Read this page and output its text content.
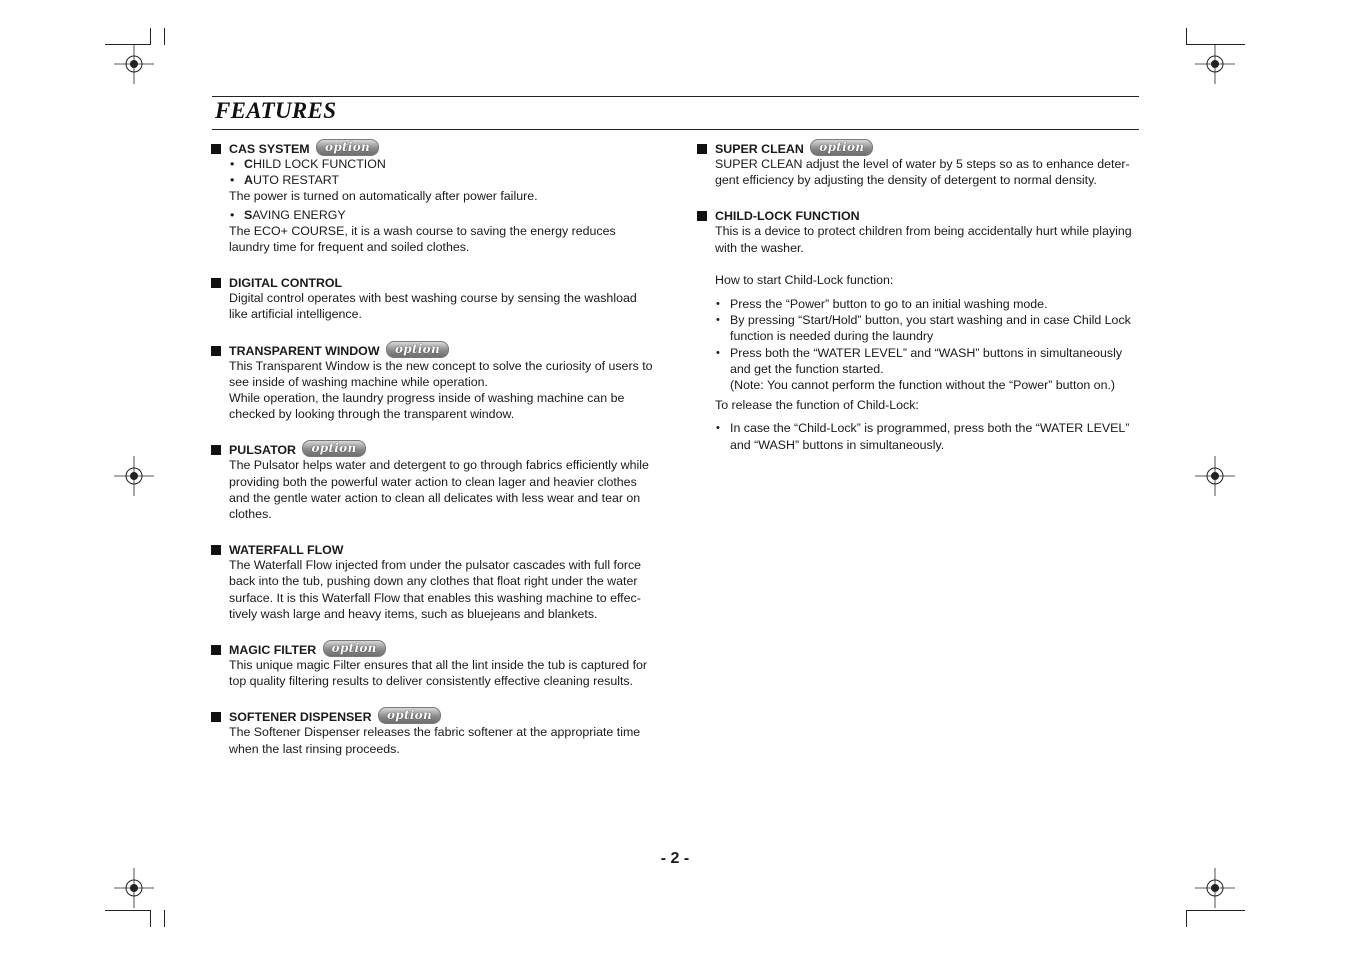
FEATURES
CAS SYSTEM option

• CHILD LOCK FUNCTION

• AUTO RESTART

The power is turned on automatically after power failure.

• SAVING ENERGY

The ECO+ COURSE, it is a wash course to saving the energy reduces laundry time for frequent and soiled clothes.

DIGITAL CONTROL

Digital control operates with best washing course by sensing the washload like artificial intelligence.

TRANSPARENT WINDOW option

This Transparent Window is the new concept to solve the curiosity of users to see inside of washing machine while operation.

While operation, the laundry progress inside of washing machine can be checked by looking through the transparent window.

PULSATOR option

The Pulsator helps water and detergent to go through fabrics efficiently while providing both the powerful water action to clean lager and heavier clothes and the gentle water action to clean all delicates with less wear and tear on clothes.

WATERFALL FLOW

The Waterfall Flow injected from under the pulsator cascades with full force back into the tub, pushing down any clothes that float right under the water surface. It is this Waterfall Flow that enables this washing machine to effec-tively wash large and heavy items, such as bluejeans and blankets.

MAGIC FILTER option

This unique magic Filter ensures that all the lint inside the tub is captured for top quality filtering results to deliver consistently effective cleaning results.

SOFTENER DISPENSER option

The Softener Dispenser releases the fabric softener at the appropriate time when the last rinsing proceeds.

SUPER CLEAN option

SUPER CLEAN adjust the level of water by 5 steps so as to enhance deter-gent efficiency by adjusting the density of detergent to normal density.

CHILD-LOCK FUNCTION

This is a device to protect children from being accidentally hurt while playing with the washer.

How to start Child-Lock function:

• Press the “Power” button to go to an initial washing mode.

• By pressing “Start/Hold” button, you start washing and in case Child Lock function is needed during the laundry

• Press both the “WATER LEVEL” and “WASH” buttons in simultaneously and get the function started.
(Note: You cannot perform the function without the “Power” button on.)

To release the function of Child-Lock:

• In case the “Child-Lock” is programmed, press both the “WATER LEVEL” and “WASH” buttons in simultaneously.

- 2 -
